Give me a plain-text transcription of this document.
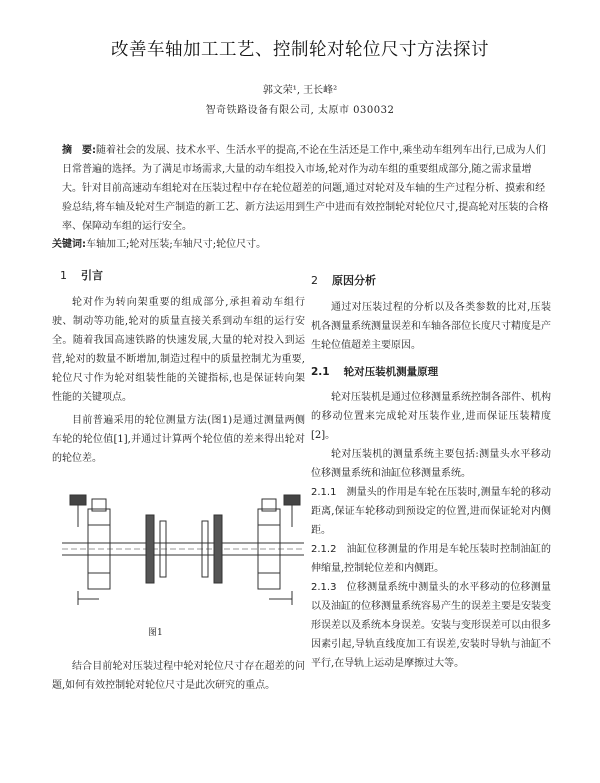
改善车轴加工工艺、控制轮对轮位尺寸方法探讨
郭文荣¹, 王长峰²
智奇铁路设备有限公司, 太原市 030032
摘　要:随着社会的发展、技术水平、生活水平的提高,不论在生活还是工作中,乘坐动车组列车出行,已成为人们日常普遍的选择。为了满足市场需求,大量的动车组投入市场,轮对作为动车组的重要组成部分,随之需求量增大。针对目前高速动车组轮对在压装过程中存在轮位超差的问题,通过对轮对及车轴的生产过程分析、摸索和经验总结,将车轴及轮对生产制造的新工艺、新方法运用到生产中进而有效控制轮对轮位尺寸,提高轮对压装的合格率、保障动车组的运行安全。
关键词:车轴加工;轮对压装;车轴尺寸;轮位尺寸。
1 引言

轮对作为转向架重要的组成部分,承担着动车组行驶、制动等功能,轮对的质量直接关系到动车组的运行安全。随着我国高速铁路的快速发展,大量的轮对投入到运营,轮对的数量不断增加,制造过程中的质量控制尤为重要,轮位尺寸作为轮对组装性能的关键指标,也是保证转向架性能的关键项点。

目前普遍采用的轮位测量方法(图1)是通过测量两侧车轮的轮位值[1],并通过计算两个轮位值的差来得出轮对的轮位差。

图1

结合目前轮对压装过程中轮对轮位尺寸存在超差的问题,如何有效控制轮对轮位尺寸是此次研究的重点。

2 原因分析

通过对压装过程的分析以及各类参数的比对,压装机各测量系统测量误差和车轴各部位长度尺寸精度是产生轮位值超差主要原因。

2.1 轮对压装机测量原理

轮对压装机是通过位移测量系统控制各部件、机构的移动位置来完成轮对压装作业,进而保证压装精度[2]。

轮对压装机的测量系统主要包括:测量头水平移动位移测量系统和油缸位移测量系统。

2.1.1 测量头的作用是车轮在压装时,测量车轮的移动距离,保证车轮移动到预设定的位置,进而保证轮对内侧距。
2.1.2 油缸位移测量的作用是车轮压装时控制油缸的伸缩量,控制轮位差和内侧距。
2.1.3 位移测量系统中测量头的水平移动的位移测量以及油缸的位移测量系统容易产生的误差主要是安装变形误差以及系统本身误差。安装与变形误差可以由很多因素引起,导轨直线度加工有误差,安装时导轨与油缸不平行,在导轨上运动是摩擦过大等。
